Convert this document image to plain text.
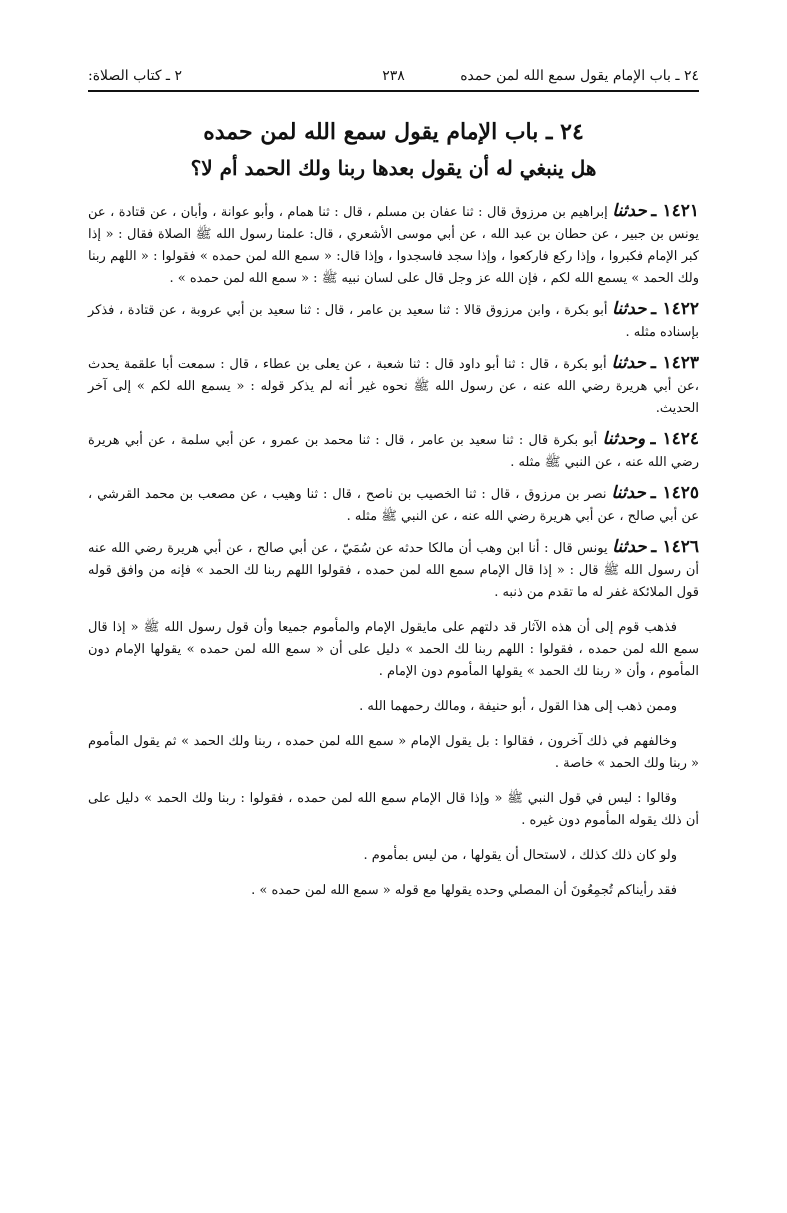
٢٤ ـ باب الإمام يقول سمع الله لمن حمده
٢٣٨
٢ ـ كتاب الصلاة:
٢٤ ـ باب الإمام يقول سمع الله لمن حمده
هل ينبغي له أن يقول بعدها ربنا ولك الحمد أم لا؟
١٤٢١ ـ حدثنا إبراهيم بن مرزوق قال : ثنا عفان بن مسلم ، قال : ثنا همام ، وأبو عوانة ، وأبان ، عن قتادة ، عن يونس بن جبير ، عن حطان بن عبد الله ، عن أبي موسى الأشعري ، قال: علمنا رسول الله ﷺ الصلاة فقال : « إذا كبر الإمام فكبروا ، وإذا ركع فاركعوا ، وإذا سجد فاسجدوا ، وإذا قال: « سمع الله لمن حمده » فقولوا : « اللهم ربنا ولك الحمد » يسمع الله لكم ، فإن الله عز وجل قال على لسان نبيه ﷺ : « سمع الله لمن حمده » .
١٤٢٢ ـ حدثنا أبو بكرة ، وابن مرزوق قالا : ثنا سعيد بن عامر ، قال : ثنا سعيد بن أبي عروبة ، عن قتادة ، فذكر بإسناده مثله .
١٤٢٣ ـ حدثنا أبو بكرة ، قال : ثنا أبو داود قال : ثنا شعبة ، عن يعلى بن عطاء ، قال : سمعت أبا علقمة يحدث ،عن أبي هريرة رضي الله عنه ، عن رسول الله ﷺ نحوه غير أنه لم يذكر قوله : « يسمع الله لكم » إلى آخر الحديث.
١٤٢٤ ـ وحدثنا أبو بكرة قال : ثنا سعيد بن عامر ، قال : ثنا محمد بن عمرو ، عن أبي سلمة ، عن أبي هريرة رضي الله عنه ، عن النبي ﷺ مثله .
١٤٢٥ ـ حدثنا نصر بن مرزوق ، قال : ثنا الخصيب بن ناصح ، قال : ثنا وهيب ، عن مصعب بن محمد القرشي ، عن أبي صالح ، عن أبي هريرة رضي الله عنه ، عن النبي ﷺ مثله .
١٤٢٦ ـ حدثنا يونس قال : أنا ابن وهب أن مالكا حدثه عن سُمَيّ ، عن أبي صالح ، عن أبي هريرة رضي الله عنه أن رسول الله ﷺ قال : « إذا قال الإمام سمع الله لمن حمده ، فقولوا اللهم ربنا لك الحمد » فإنه من وافق قوله قول الملائكة غفر له ما تقدم من ذنبه .

فذهب قوم إلى أن هذه الآثار قد دلتهم على مايقول الإمام والمأموم جميعا وأن قول رسول الله ﷺ « إذا قال سمع الله لمن حمده ، فقولوا : اللهم ربنا لك الحمد » دليل على أن « سمع الله لمن حمده » يقولها الإمام دون المأموم ، وأن « ربنا لك الحمد » يقولها المأموم دون الإمام .

وممن ذهب إلى هذا القول ، أبو حنيفة ، ومالك رحمهما الله .

وخالفهم في ذلك آخرون ، فقالوا : بل يقول الإمام « سمع الله لمن حمده ، ربنا ولك الحمد » ثم يقول المأموم « ربنا ولك الحمد » خاصة .

وقالوا : ليس في قول النبي ﷺ « وإذا قال الإمام سمع الله لمن حمده ، فقولوا : ربنا ولك الحمد » دليل على أن ذلك يقوله المأموم دون غيره .

ولو كان ذلك كذلك ، لاستحال أن يقولها ، من ليس بمأموم .

فقد رأيناكم تُجمِعُونَ أن المصلي وحده يقولها مع قوله « سمع الله لمن حمده » .
